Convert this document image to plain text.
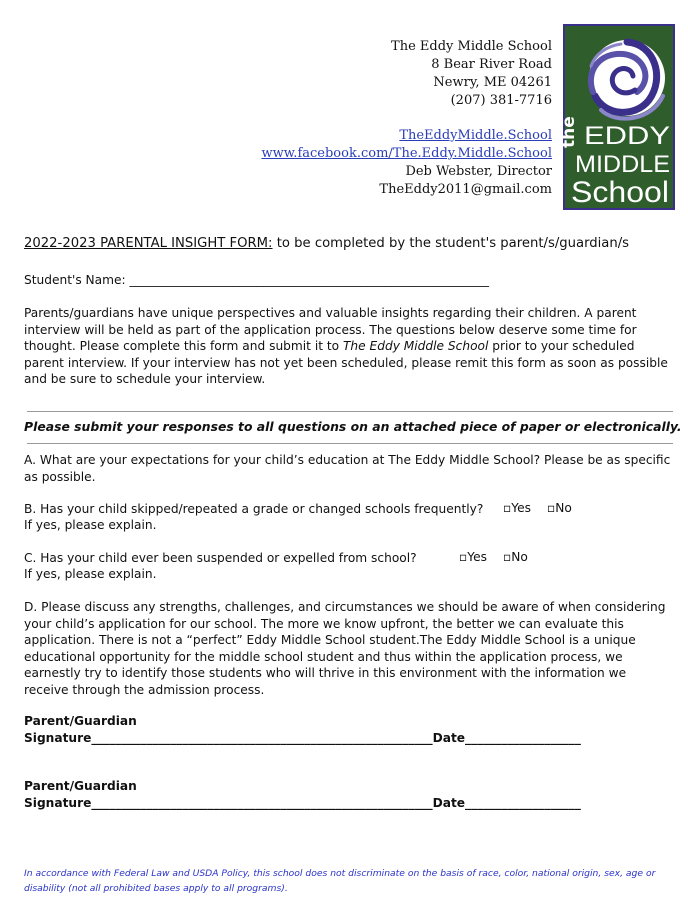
The Eddy Middle School
8 Bear River Road
Newry, ME 04261
(207) 381-7716
TheEddyMiddle.School
www.facebook.com/The.Eddy.Middle.School
Deb Webster, Director
TheEddy2011@gmail.com
the EDDY
MIDDLE
School
2022-2023 PARENTAL INSIGHT FORM: to be completed by the student's parent/s/guardian/s
Student's Name: ___________________________________________________________
Parents/guardians have unique perspectives and valuable insights regarding their children. A parent interview will be held as part of the application process. The questions below deserve some time for thought. Please complete this form and submit it to The Eddy Middle School prior to your scheduled parent interview. If your interview has not yet been scheduled, please remit this form as soon as possible and be sure to schedule your interview.
Please submit your responses to all questions on an attached piece of paper or electronically.
A. What are your expectations for your child’s education at The Eddy Middle School? Please be as specific as possible.
B. Has your child skipped/repeated a grade or changed schools frequently?	▫Yes ▫No
If yes, please explain.
C. Has your child ever been suspended or expelled from school?	▫Yes ▫No
If yes, please explain.
D. Please discuss any strengths, challenges, and circumstances we should be aware of when considering your child’s application for our school. The more we know upfront, the better we can evaluate this application. There is not a “perfect” Eddy Middle School student.The Eddy Middle School is a unique educational opportunity for the middle school student and thus within the application process, we earnestly try to identify those students who will thrive in this environment with the information we receive through the admission process.
Parent/Guardian
Signature________________________________________________________Date___________________
Parent/Guardian
Signature________________________________________________________Date___________________
In accordance with Federal Law and USDA Policy, this school does not discriminate on the basis of race, color, national origin, sex, age or disability (not all prohibited bases apply to all programs).
